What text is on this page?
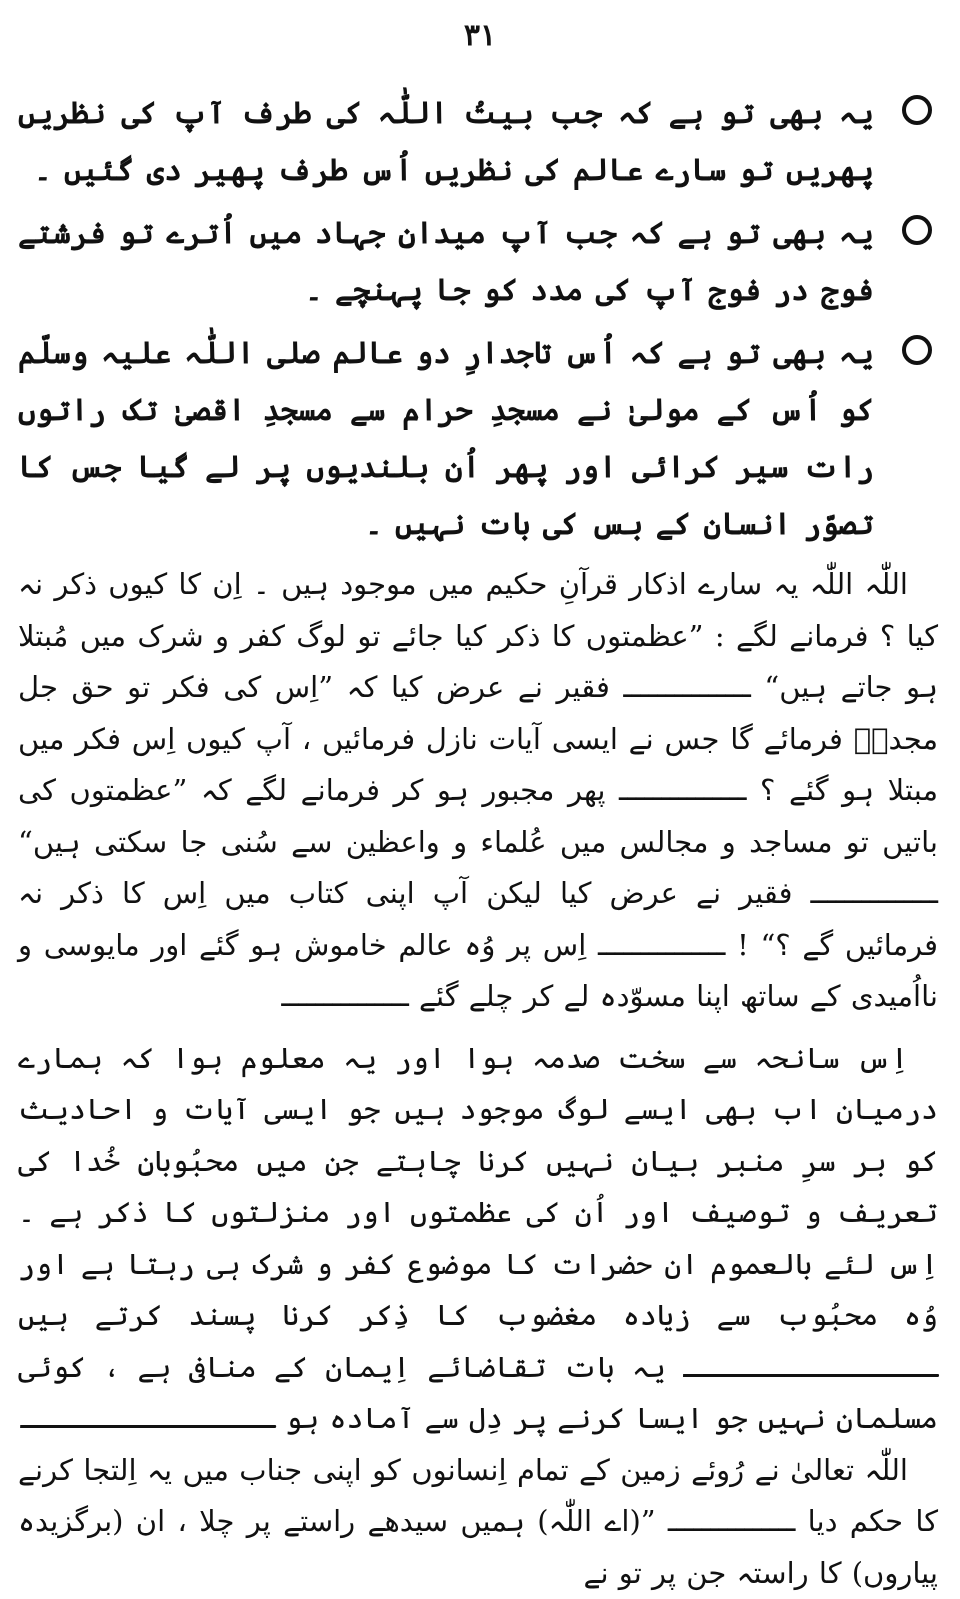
۳۱
یہ بھی تو ہے کہ جب بیتُ اللّٰہ کی طرف آپ کی نظریں پھریں تو سارے عالم کی نظریں اُس طرف پھیر دی گئیں ۔
یہ بھی تو ہے کہ جب آپ میدانِ جہاد میں اُترے تو فرشتے فوج در فوج آپ کی مدد کو جا پہنچے ۔
یہ بھی تو ہے کہ اُس تاجدارِ دو عالم صلی اللّٰہ علیہ وسلّم کو اُس کے مولیٰ نے مسجدِ حرام سے مسجدِ اقصیٰ تک راتوں رات سیر کرائی اور پھر اُن بلندیوں پر لے گیا جس کا تصوّر انسان کے بس کی بات نہیں ۔

اللّٰہ اللّٰہ یہ سارے اذکار قرآنِ حکیم میں موجود ہیں ۔ اِن کا کیوں ذکر نہ کیا ؟ فرمانے لگے : ”عظمتوں کا ذکر کیا جائے تو لوگ کفر و شرک میں مُبتلا ہو جاتے ہیں“ ـــــــــــــــ فقیر نے عرض کیا کہ ”اِس کی فکر تو حق جل مجدہٗ فرمائے گا جس نے ایسی آیات نازل فرمائیں ، آپ کیوں اِس فکر میں مبتلا ہو گئے ؟ ـــــــــــــــ پھر مجبور ہو کر فرمانے لگے کہ ”عظمتوں کی باتیں تو مساجد و مجالس میں عُلماء و واعظین سے سُنی جا سکتی ہیں“ ـــــــــــــــ فقیر نے عرض کیا لیکن آپ اپنی کتاب میں اِس کا ذکر نہ فرمائیں گے ؟“ ! ـــــــــــــــ اِس پر وُہ عالم خاموش ہو گئے اور مایوسی و نااُمیدی کے ساتھ اپنا مسوّدہ لے کر چلے گئے ـــــــــــــــ

اِس سانحہ سے سخت صدمہ ہوا اور یہ معلوم ہوا کہ ہمارے درمیان اب بھی ایسے لوگ موجود ہیں جو ایسی آیات و احادیث کو بر سرِ منبر بیان نہیں کرنا چاہتے جن میں محبُوبانِ خُدا کی تعریف و توصیف اور اُن کی عظمتوں اور منزلتوں کا ذکر ہے ۔ اِس لئے بالعموم ان حضرات کا موضوع کفر و شرک ہی رہتا ہے اور وُہ محبُوب سے زیادہ مغضوب کا ذِکر کرنا پسند کرتے ہیں ـــــــــــــــ یہ بات تقاضائے اِیمان کے منافی ہے ، کوئی مسلمان نہیں جو ایسا کرنے پر دِل سے آمادہ ہو ـــــــــــــــ

اللّٰہ تعالیٰ نے رُوئے زمین کے تمام اِنسانوں کو اپنی جناب میں یہ اِلتجا کرنے کا حکم دیا ـــــــــــــــ ”(اے اللّٰہ) ہمیں سیدھے راستے پر چلا ، ان (برگزیدہ پیاروں) کا راستہ جن پر تو نے
